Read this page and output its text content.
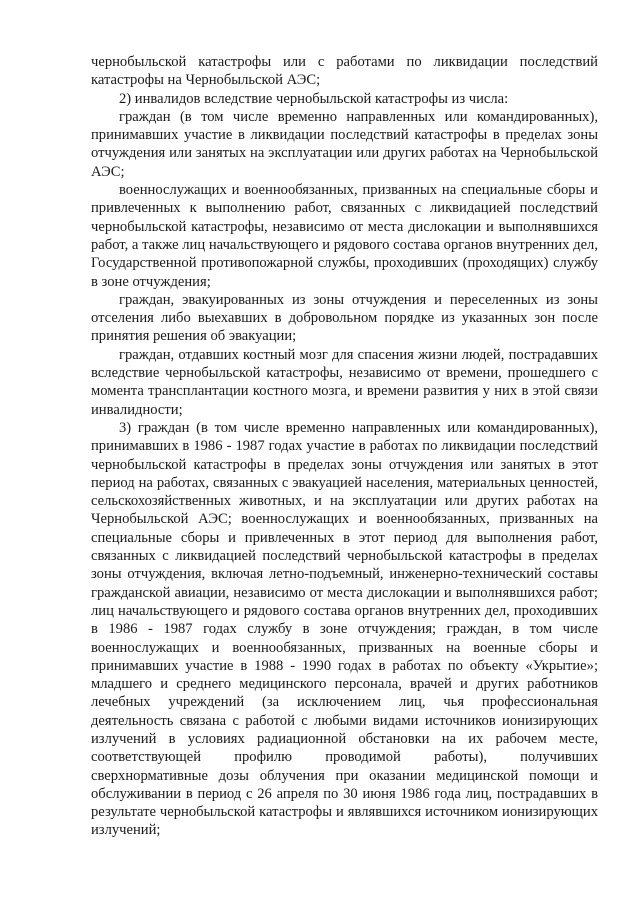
чернобыльской катастрофы или с работами по ликвидации последствий катастрофы на Чернобыльской АЭС;

2) инвалидов вследствие чернобыльской катастрофы из числа:

граждан (в том числе временно направленных или командированных), принимавших участие в ликвидации последствий катастрофы в пределах зоны отчуждения или занятых на эксплуатации или других работах на Чернобыльской АЭС;

военнослужащих и военнообязанных, призванных на специальные сборы и привлеченных к выполнению работ, связанных с ликвидацией последствий чернобыльской катастрофы, независимо от места дислокации и выполнявшихся работ, а также лиц начальствующего и рядового состава органов внутренних дел, Государственной противопожарной службы, проходивших (проходящих) службу в зоне отчуждения;

граждан, эвакуированных из зоны отчуждения и переселенных из зоны отселения либо выехавших в добровольном порядке из указанных зон после принятия решения об эвакуации;

граждан, отдавших костный мозг для спасения жизни людей, пострадавших вследствие чернобыльской катастрофы, независимо от времени, прошедшего с момента трансплантации костного мозга, и времени развития у них в этой связи инвалидности;

3) граждан (в том числе временно направленных или командированных), принимавших в 1986 - 1987 годах участие в работах по ликвидации последствий чернобыльской катастрофы в пределах зоны отчуждения или занятых в этот период на работах, связанных с эвакуацией населения, материальных ценностей, сельскохозяйственных животных, и на эксплуатации или других работах на Чернобыльской АЭС; военнослужащих и военнообязанных, призванных на специальные сборы и привлеченных в этот период для выполнения работ, связанных с ликвидацией последствий чернобыльской катастрофы в пределах зоны отчуждения, включая летно-подъемный, инженерно-технический составы гражданской авиации, независимо от места дислокации и выполнявшихся работ; лиц начальствующего и рядового состава органов внутренних дел, проходивших в 1986 - 1987 годах службу в зоне отчуждения; граждан, в том числе военнослужащих и военнообязанных, призванных на военные сборы и принимавших участие в 1988 - 1990 годах в работах по объекту «Укрытие»; младшего и среднего медицинского персонала, врачей и других работников лечебных учреждений (за исключением лиц, чья профессиональная деятельность связана с работой с любыми видами источников ионизирующих излучений в условиях радиационной обстановки на их рабочем месте, соответствующей профилю проводимой работы), получивших сверхнормативные дозы облучения при оказании медицинской помощи и обслуживании в период с 26 апреля по 30 июня 1986 года лиц, пострадавших в результате чернобыльской катастрофы и являвшихся источником ионизирующих излучений;
